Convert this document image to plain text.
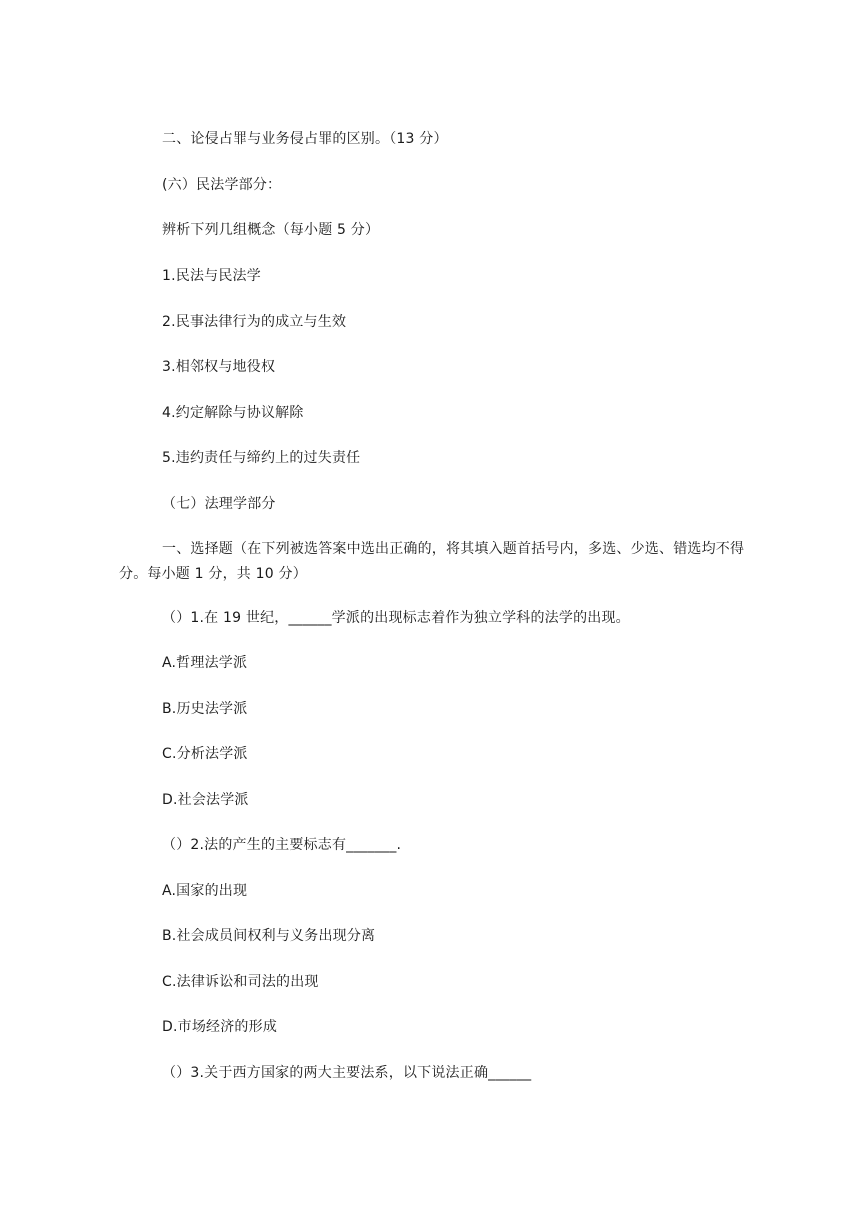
二、论侵占罪与业务侵占罪的区别。（13 分）
(六）民法学部分：
辨析下列几组概念（每小题 5 分）
1.民法与民法学
2.民事法律行为的成立与生效
3.相邻权与地役权
4.约定解除与协议解除
5.违约责任与缔约上的过失责任
（七）法理学部分
一、选择题（在下列被选答案中选出正确的，将其填入题首括号内，多选、少选、错选均不得分。每小题 1 分，共 10 分）
（）1.在 19 世纪，______学派的出现标志着作为独立学科的法学的出现。
A.哲理法学派
B.历史法学派
C.分析法学派
D.社会法学派
（）2.法的产生的主要标志有_______.
A.国家的出现
B.社会成员间权利与义务出现分离
C.法律诉讼和司法的出现
D.市场经济的形成
（）3.关于西方国家的两大主要法系，以下说法正确______
